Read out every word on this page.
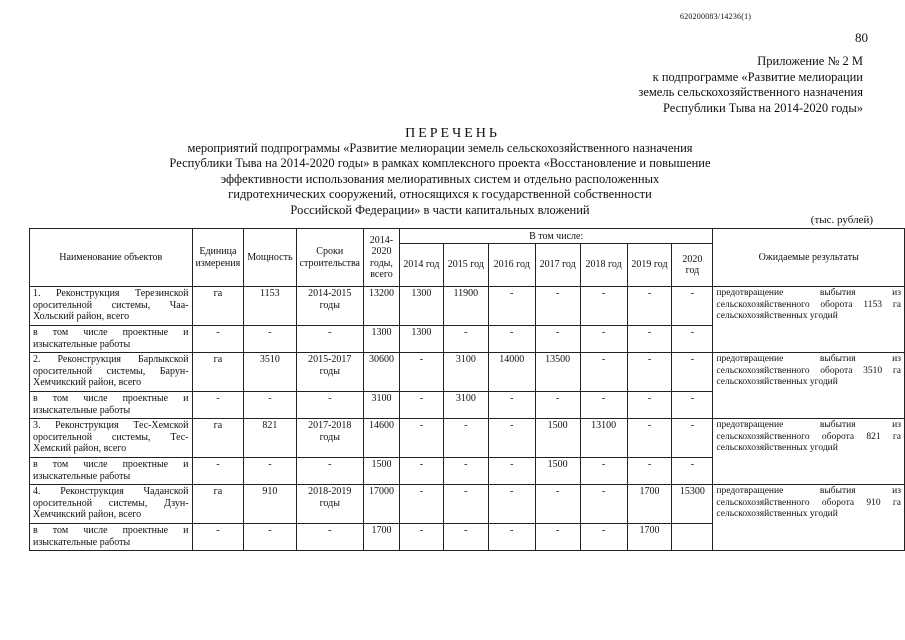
620200083/14236(1)
80
Приложение № 2 М
к подпрограмме «Развитие мелиорации
земель сельскохозяйственного назначения
Республики Тыва на 2014-2020 годы»
ПЕРЕЧЕНЬ
мероприятий подпрограммы «Развитие мелиорации земель сельскохозяйственного назначения
Республики Тыва на 2014-2020 годы» в рамках комплексного проекта «Восстановление и повышение
эффективности использования мелиоративных систем и отдельно расположенных
гидротехнических сооружений, относящихся к государственной собственности
Российской Федерации» в части капитальных вложений
(тыс. рублей)
Наименование объектов	Единица измерения	Мощность	Сроки строительства	2014-2020 годы, всего	В том числе:							Ожидаемые результаты
					2014 год	2015 год	2016 год	2017 год	2018 год	2019 год	2020 год	
1. Реконструкция Терезинской оросительной системы, Чаа-Хольский район, всего	га	1153	2014-2015 годы	13200	1300	11900	-	-	-	-	-	предотвращение выбытия из сельскохозяйственного оборота 1153 га сельскохозяйственных угодий
в том числе проектные и изыскательные работы	-	-	-	1300	1300	-	-	-	-	-	-	
2. Реконструкция Барлыкской оросительной системы, Барун-Хемчикский район, всего	га	3510	2015-2017 годы	30600	-	3100	14000	13500	-	-	-	предотвращение выбытия из сельскохозяйственного оборота 3510 га сельскохозяйственных угодий
в том числе проектные и изыскательные работы	-	-	-	3100	-	3100	-	-	-	-	-	
3. Реконструкция Тес-Хемской оросительной системы, Тес-Хемский район, всего	га	821	2017-2018 годы	14600	-	-	-	1500	13100	-	-	предотвращение выбытия из сельскохозяйственного оборота 821 га сельскохозяйственных угодий
в том числе проектные и изыскательные работы	-	-	-	1500	-	-	-	1500	-	-	-	
4. Реконструкция Чаданской оросительной системы, Дзун-Хемчикский район, всего	га	910	2018-2019 годы	17000	-	-	-	-	-	1700	15300	предотвращение выбытия из сельскохозяйственного оборота 910 га сельскохозяйственных угодий
в том числе проектные и изыскательные работы	-	-	-	1700	-	-	-	-	-	1700		
